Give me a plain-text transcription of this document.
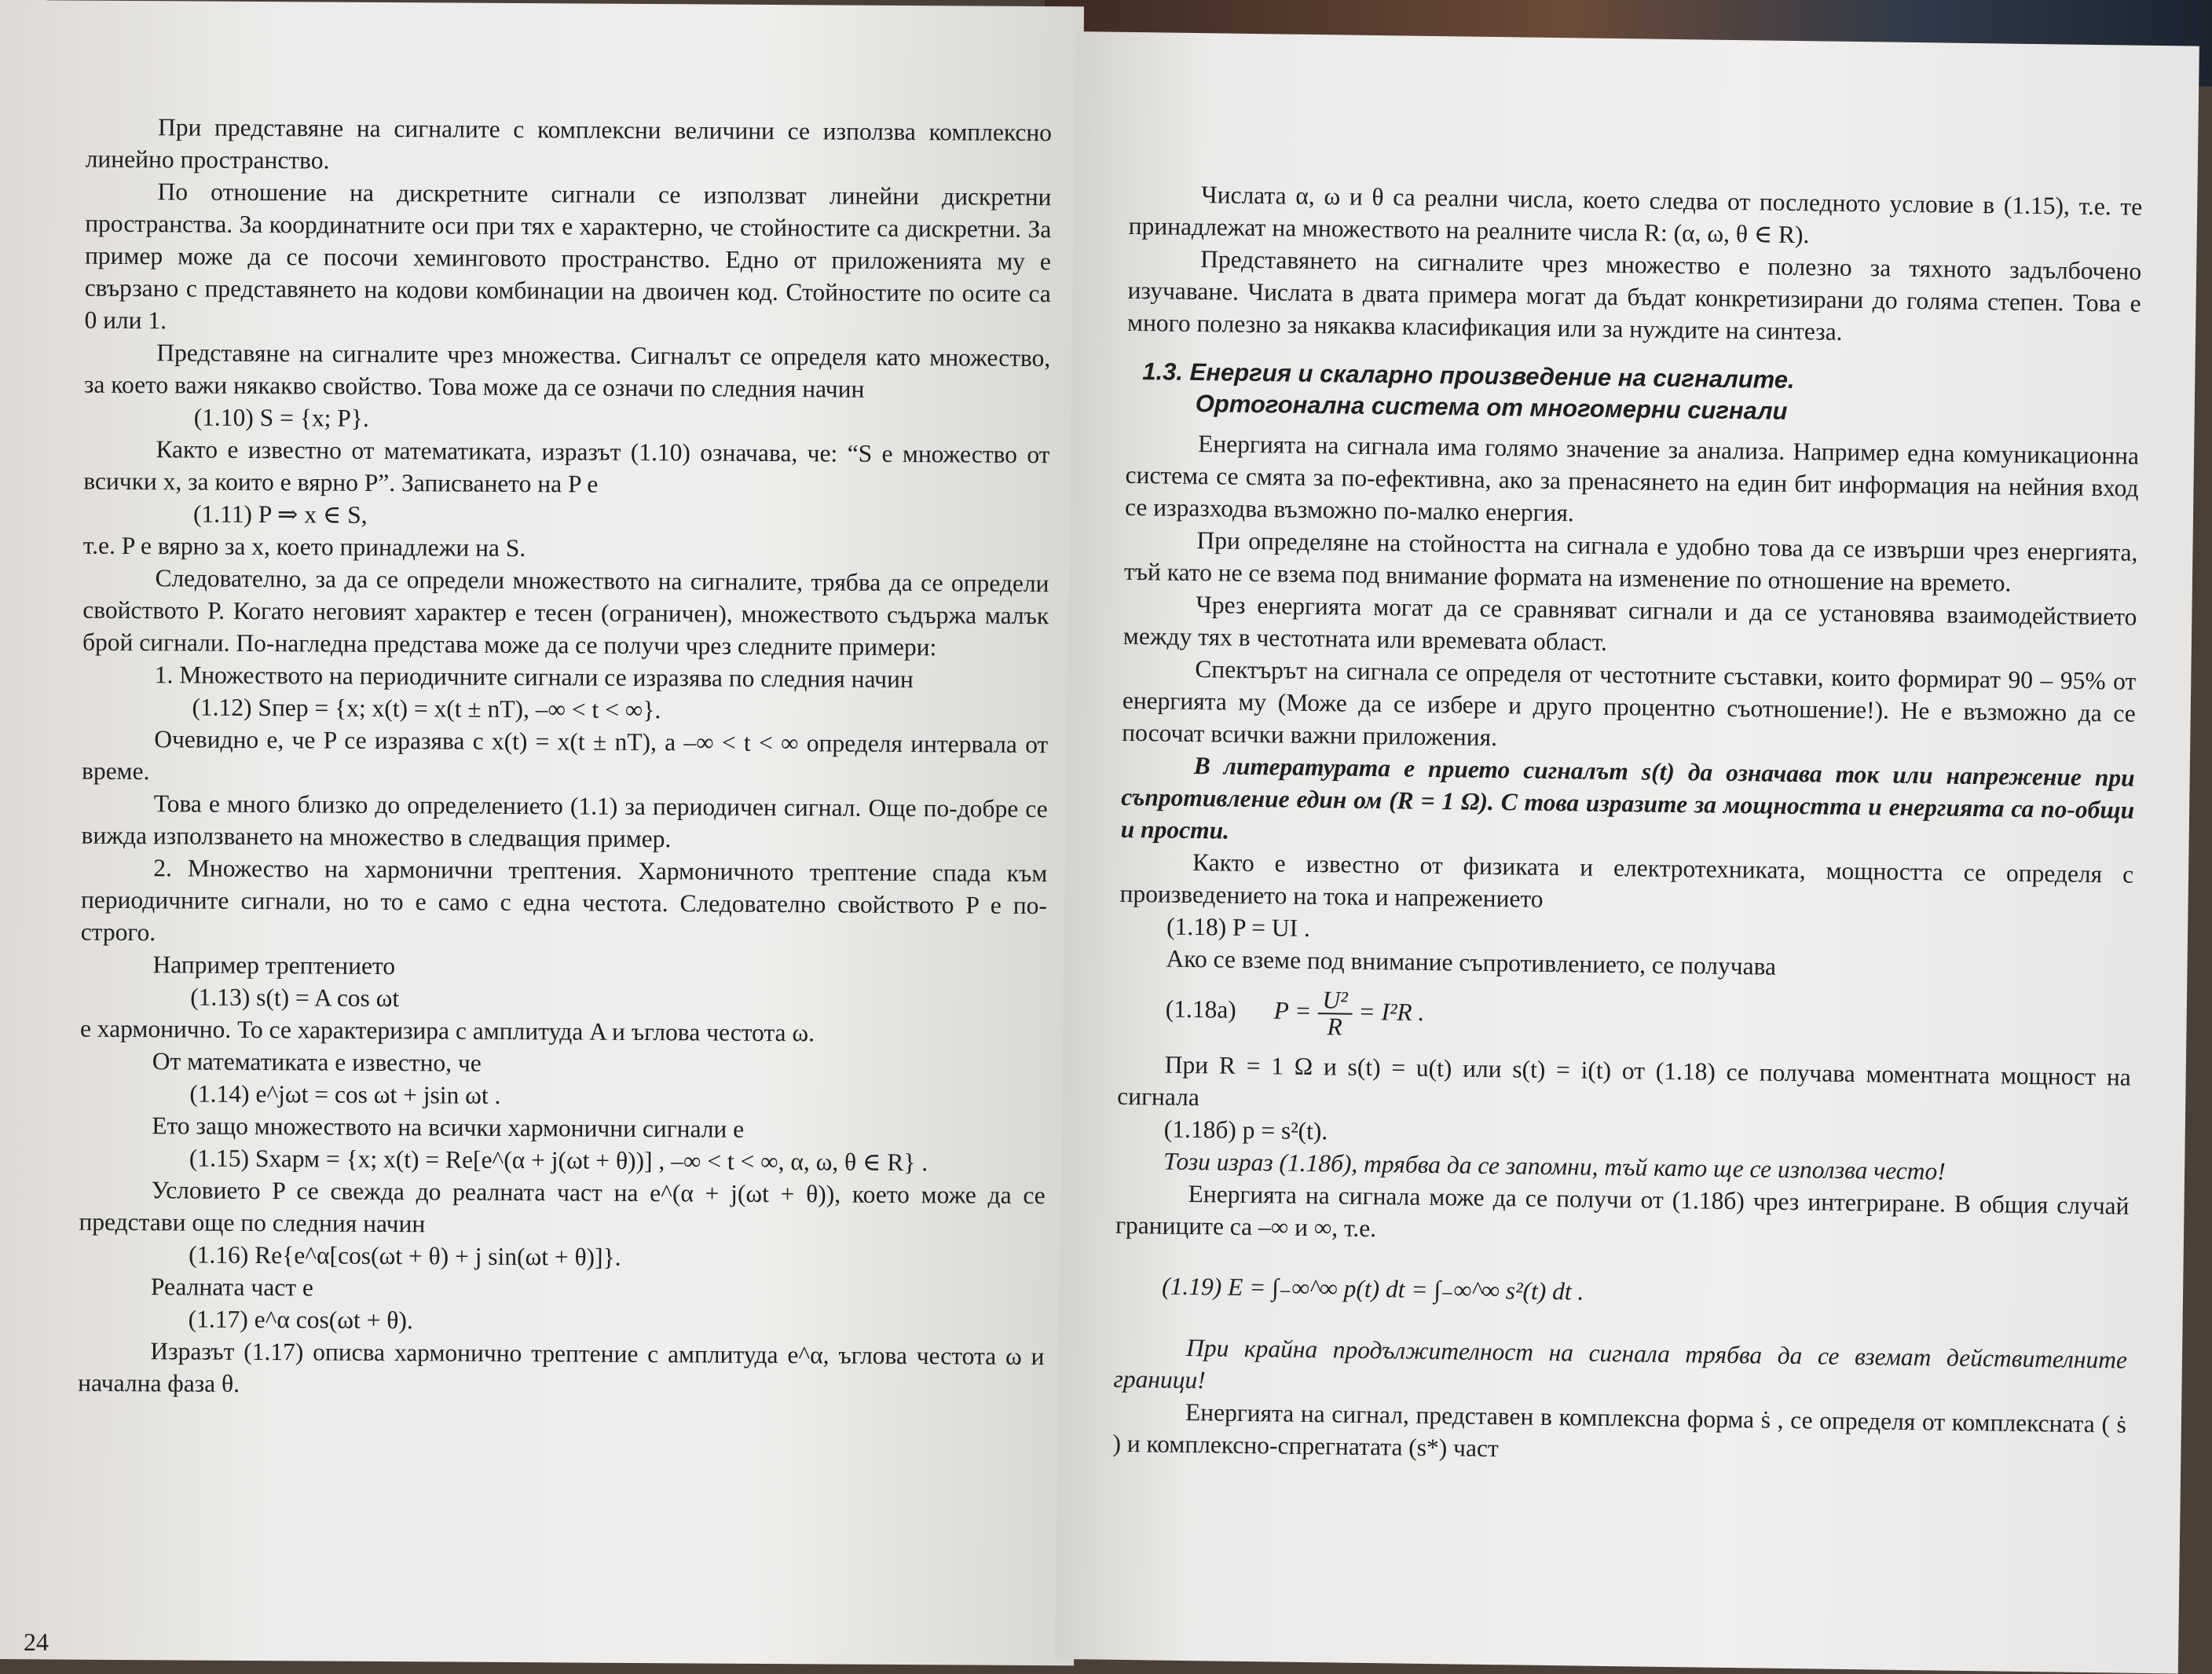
При представяне на сигналите с комплексни величини се използва комплексно линейно пространство.

По отношение на дискретните сигнали се използват линейни дискретни пространства. За координатните оси при тях е характерно, че стойностите са дискретни. За пример може да се посочи хеминговото пространство. Едно от приложенията му е свързано с представянето на кодови комбинации на двоичен код. Стойностите по осите са 0 или 1.

Представяне на сигналите чрез множества. Сигналът се определя като множество, за което важи някакво свойство. Това може да се означи по следния начин

(1.10) S = {x; P}.

Както е известно от математиката, изразът (1.10) означава, че: “S е множество от всички x, за които е вярно P”. Записването на P е

(1.11) P ⇒ x ∈ S,

т.е. P е вярно за x, което принадлежи на S.

Следователно, за да се определи множеството на сигналите, трябва да се определи свойството P. Когато неговият характер е тесен (ограничен), множеството съдържа малък брой сигнали. По-нагледна представа може да се получи чрез следните примери:

1. Множеството на периодичните сигнали се изразява по следния начин

(1.12) Sпер = {x; x(t) = x(t ± nT), –∞ < t < ∞}.

Очевидно е, че P се изразява с x(t) = x(t ± nT), а –∞ < t < ∞ определя интервала от време.

Това е много близко до определението (1.1) за периодичен сигнал. Още по-добре се вижда използването на множество в следващия пример.

2. Множество на хармонични трептения. Хармоничното трептение спада към периодичните сигнали, но то е само с една честота. Следователно свойството P е по-строго.

Например трептението

(1.13) s(t) = A cos ωt

е хармонично. То се характеризира с амплитуда A и ъглова честота ω.

От математиката е известно, че

(1.14) e^jωt = cos ωt + jsin ωt .

Ето защо множеството на всички хармонични сигнали е

(1.15) Sхарм = {x; x(t) = Re[e^(α + j(ωt + θ))] , –∞ < t < ∞, α, ω, θ ∈ R} .

Условието P се свежда до реалната част на e^(α + j(ωt + θ)), което може да се представи още по следния начин

(1.16) Re{e^α[cos(ωt + θ) + j sin(ωt + θ)]}.

Реалната част е

(1.17) e^α cos(ωt + θ).

Изразът (1.17) описва хармонично трептение с амплитуда e^α, ъглова честота ω и начална фаза θ.

Числата α, ω и θ са реални числа, което следва от последното условие в (1.15), т.е. те принадлежат на множеството на реалните числа R: (α, ω, θ ∈ R).

Представянето на сигналите чрез множество е полезно за тяхното задълбочено изучаване. Числата в двата примера могат да бъдат конкретизирани до голяма степен. Това е много полезно за някаква класификация или за нуждите на синтеза.

1.3. Енергия и скаларно произведение на сигналите.
Ортогонална система от многомерни сигнали

Енергията на сигнала има голямо значение за анализа. Например една комуникационна система се смята за по-ефективна, ако за пренасянето на един бит информация на нейния вход се изразходва възможно по-малко енергия.

При определяне на стойността на сигнала е удобно това да се извърши чрез енергията, тъй като не се взема под внимание формата на изменение по отношение на времето.

Чрез енергията могат да се сравняват сигнали и да се установява взаимодействието между тях в честотната или времевата област.

Спектърът на сигнала се определя от честотните съставки, които формират 90 – 95% от енергията му (Може да се избере и друго процентно съотношение!). Не е възможно да се посочат всички важни приложения.

В литературата е прието сигналът s(t) да означава ток или напрежение при съпротивление един ом (R = 1 Ω). С това изразите за мощността и енергията са по-общи и прости.

Както е известно от физиката и електротехниката, мощността се определя с произведението на тока и напрежението

(1.18) P = UI .

Ако се вземе под внимание съпротивлението, се получава

(1.18а) $P = \frac{\text{U²}}{R} = I^2R$ .

При R = 1 Ω и s(t) = u(t) или s(t) = i(t) от (1.18) се получава моментната мощност на сигнала

(1.18б) p = s²(t).

Този израз (1.18б), трябва да се запомни, тъй като ще се използва често!

Енергията на сигнала може да се получи от (1.18б) чрез интегриране. В общия случай границите са –∞ и ∞, т.е.

(1.19) E = ∫₋∞^∞ p(t) dt = ∫₋∞^∞ s²(t) dt .

При крайна продължителност на сигнала трябва да се вземат действителните граници!

Енергията на сигнал, представен в комплексна форма ṡ , се определя от комплексната ( ṡ ) и комплексно-спрегнатата (s*) част

24
